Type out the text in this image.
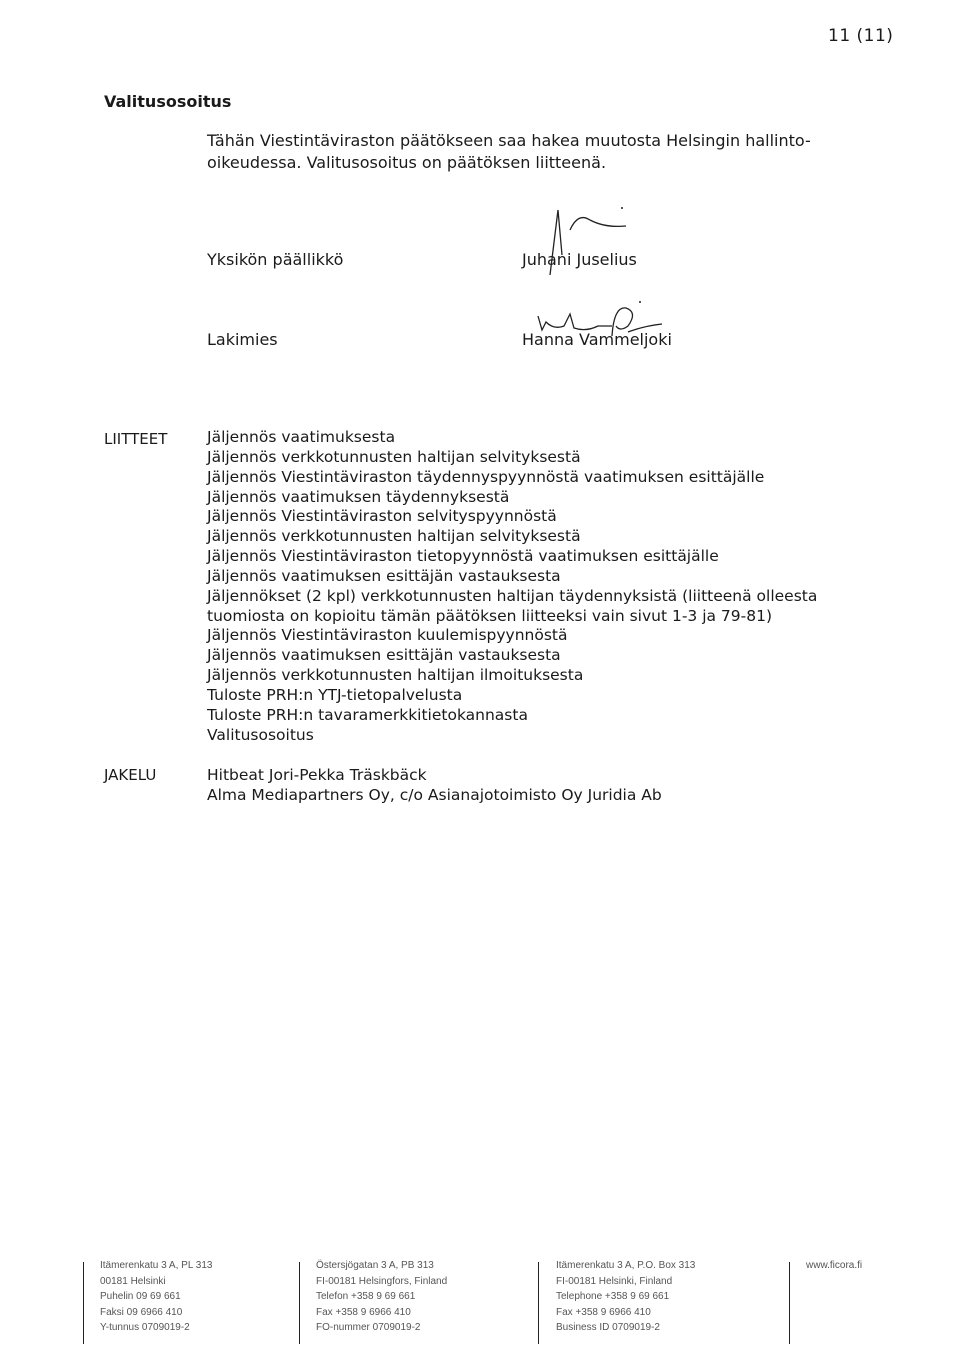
11 (11)
Valitusosoitus
Tähän Viestintäviraston päätökseen saa hakea muutosta Helsingin hallinto-oikeudessa. Valitusosoitus on päätöksen liitteenä.
Yksikön päällikkö	Juhani Juselius
Lakimies	Hanna Vammeljoki
LIITTEET	Jäljennös vaatimuksesta
Jäljennös verkkotunnusten haltijan selvityksestä
Jäljennös Viestintäviraston täydennyspyynnöstä vaatimuksen esittäjälle
Jäljennös vaatimuksen täydennyksestä
Jäljennös Viestintäviraston selvityspyynnöstä
Jäljennös verkkotunnusten haltijan selvityksestä
Jäljennös Viestintäviraston tietopyynnöstä vaatimuksen esittäjälle
Jäljennös vaatimuksen esittäjän vastauksesta
Jäljennökset (2 kpl) verkkotunnusten haltijan täydennyksistä (liitteenä olleesta
tuomiosta on kopioitu tämän päätöksen liitteeksi vain sivut 1-3 ja 79-81)
Jäljennös Viestintäviraston kuulemispyynnöstä
Jäljennös vaatimuksen esittäjän vastauksesta
Jäljennös verkkotunnusten haltijan ilmoituksesta
Tuloste PRH:n YTJ-tietopalvelusta
Tuloste PRH:n tavaramerkkitietokannasta
Valitusosoitus
JAKELU	Hitbeat Jori-Pekka Träskbäck
Alma Mediapartners Oy, c/o Asianajotoimisto Oy Juridia Ab
Itämerenkatu 3 A, PL 313
00181 Helsinki
Puhelin 09 69 661
Faksi 09 6966 410
Y-tunnus 0709019-2
Östersjögatan 3 A, PB 313
FI-00181 Helsingfors, Finland
Telefon +358 9 69 661
Fax +358 9 6966 410
FO-nummer 0709019-2
Itämerenkatu 3 A, P.O. Box 313
FI-00181 Helsinki, Finland
Telephone +358 9 69 661
Fax +358 9 6966 410
Business ID 0709019-2
www.ficora.fi
